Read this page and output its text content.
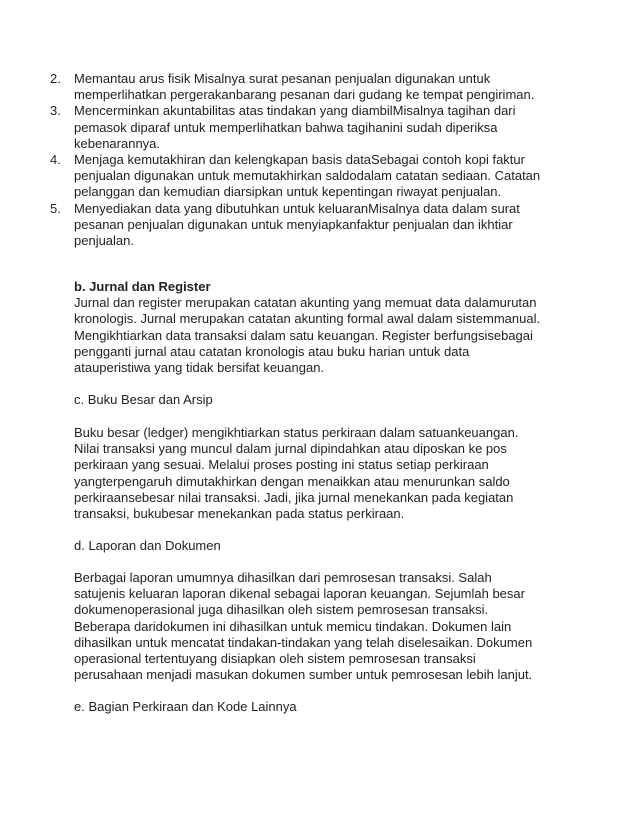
2.	Memantau arus fisik Misalnya surat pesanan penjualan digunakan untuk
memperlihatkan pergerakanbarang pesanan dari gudang ke tempat pengiriman.
3.	Mencerminkan akuntabilitas atas tindakan yang diambilMisalnya tagihan dari
pemasok diparaf untuk memperlihatkan bahwa tagihanini sudah diperiksa
kebenarannya.
4.	Menjaga kemutakhiran dan kelengkapan basis dataSebagai contoh kopi faktur
penjualan digunakan untuk memutakhirkan saldodalam catatan sediaan. Catatan
pelanggan dan kemudian diarsipkan untuk kepentingan riwayat penjualan.
5.	Menyediakan data yang dibutuhkan untuk keluaranMisalnya data dalam surat
pesanan penjualan digunakan untuk menyiapkanfaktur penjualan dan ikhtiar
penjualan.
b. Jurnal dan Register
Jurnal dan register merupakan catatan akunting yang memuat data dalamurutan
kronologis. Jurnal merupakan catatan akunting formal awal dalam sistemmanual.
Mengikhtiarkan data transaksi dalam satu keuangan. Register berfungsisebagai
pengganti jurnal atau catatan kronologis atau buku harian untuk data
atauperistiwa yang tidak bersifat keuangan.
c. Buku Besar dan Arsip
Buku besar (ledger) mengikhtiarkan status perkiraan dalam satuankeuangan.
Nilai transaksi yang muncul dalam jurnal dipindahkan atau diposkan ke pos
perkiraan yang sesuai. Melalui proses posting ini status setiap perkiraan
yangterpengaruh dimutakhirkan dengan menaikkan atau menurunkan saldo
perkiraansebesar nilai transaksi. Jadi, jika jurnal menekankan pada kegiatan
transaksi, bukubesar menekankan pada status perkiraan.
d. Laporan dan Dokumen
Berbagai laporan umumnya dihasilkan dari pemrosesan transaksi. Salah
satujenis keluaran laporan dikenal sebagai laporan keuangan. Sejumlah besar
dokumenoperasional juga dihasilkan oleh sistem pemrosesan transaksi.
Beberapa daridokumen ini dihasilkan untuk memicu tindakan. Dokumen lain
dihasilkan untuk mencatat tindakan-tindakan yang telah diselesaikan. Dokumen
operasional tertentuyang disiapkan oleh sistem pemrosesan transaksi
perusahaan menjadi masukan dokumen sumber untuk pemrosesan lebih lanjut.
e. Bagian Perkiraan dan Kode Lainnya
